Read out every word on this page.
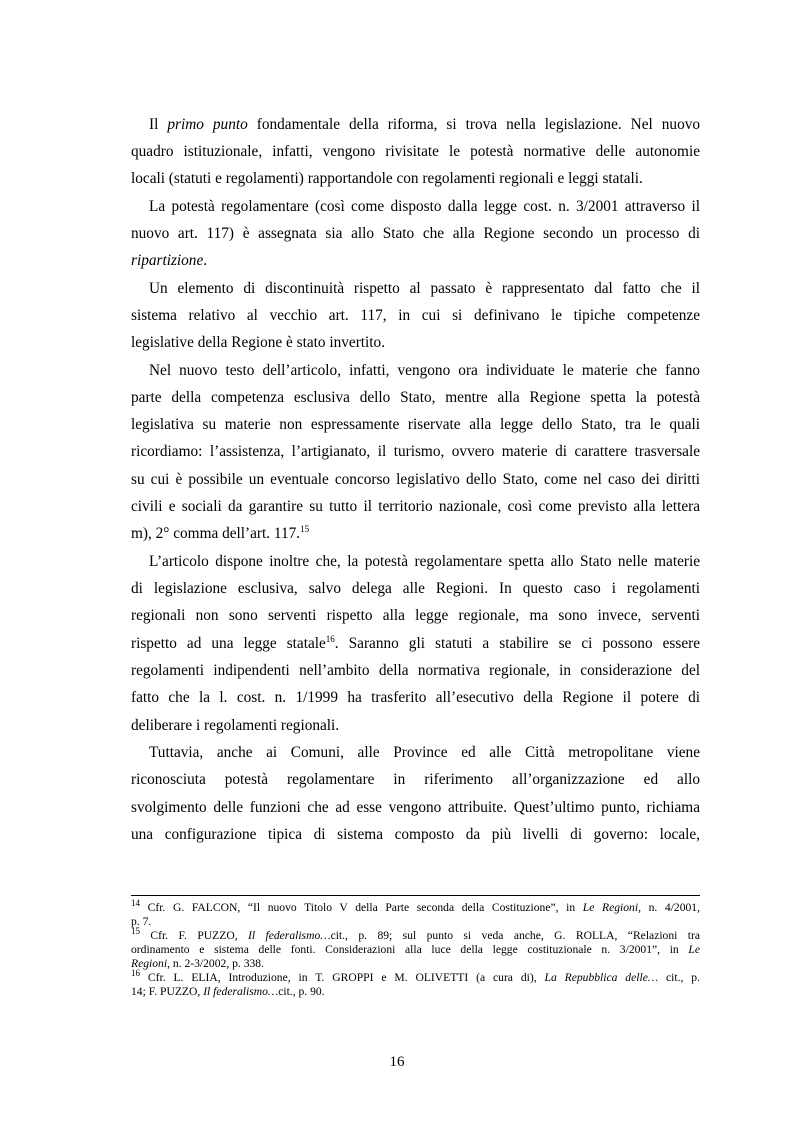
Il primo punto fondamentale della riforma, si trova nella legislazione. Nel nuovo
quadro istituzionale, infatti, vengono rivisitate le potestà normative delle autonomie
locali (statuti e regolamenti) rapportandole con regolamenti regionali e leggi statali.
La potestà regolamentare (così come disposto dalla legge cost. n. 3/2001 attraverso il
nuovo art. 117) è assegnata sia allo Stato che alla Regione secondo un processo di
ripartizione.
Un elemento di discontinuità rispetto al passato è rappresentato dal fatto che il
sistema relativo al vecchio art. 117, in cui si definivano le tipiche competenze
legislative della Regione è stato invertito.
Nel nuovo testo dell’articolo, infatti, vengono ora individuate le materie che fanno
parte della competenza esclusiva dello Stato, mentre alla Regione spetta la potestà
legislativa su materie non espressamente riservate alla legge dello Stato, tra le quali
ricordiamo: l’assistenza, l’artigianato, il turismo, ovvero materie di carattere trasversale
su cui è possibile un eventuale concorso legislativo dello Stato, come nel caso dei diritti
civili e sociali da garantire su tutto il territorio nazionale, così come previsto alla lettera
m), 2° comma dell’art. 117.15
L’articolo dispone inoltre che, la potestà regolamentare spetta allo Stato nelle materie
di legislazione esclusiva, salvo delega alle Regioni. In questo caso i regolamenti
regionali non sono serventi rispetto alla legge regionale, ma sono invece, serventi
rispetto ad una legge statale$^{16}$. Saranno gli statuti a stabilire se ci possono essere
regolamenti indipendenti nell’ambito della normativa regionale, in considerazione del
fatto che la l. cost. n. 1/1999 ha trasferito all’esecutivo della Regione il potere di
deliberare i regolamenti regionali.
Tuttavia, anche ai Comuni, alle Province ed alle Città metropolitane viene
riconosciuta potestà regolamentare in riferimento all’organizzazione ed allo
svolgimento delle funzioni che ad esse vengono attribuite. Quest’ultimo punto, richiama
una configurazione tipica di sistema composto da più livelli di governo: locale,
$^{14}$ Cfr. G. FALCON, “Il nuovo Titolo V della Parte seconda della Costituzione”, in Le Regioni, n. 4/2001,
p. 7.
$^{15}$ Cfr. F. PUZZO, Il federalismo…cit., p. 89; sul punto si veda anche, G. ROLLA, “Relazioni tra
ordinamento e sistema delle fonti. Considerazioni alla luce della legge costituzionale n. 3/2001”, in Le
Regioni, n. 2-3/2002, p. 338.
$^{16}$ Cfr. L. ELIA, Introduzione, in T. GROPPI e M. OLIVETTI (a cura di), La Repubblica delle… cit., p.
14; F. PUZZO, Il federalismo…cit., p. 90.
16
